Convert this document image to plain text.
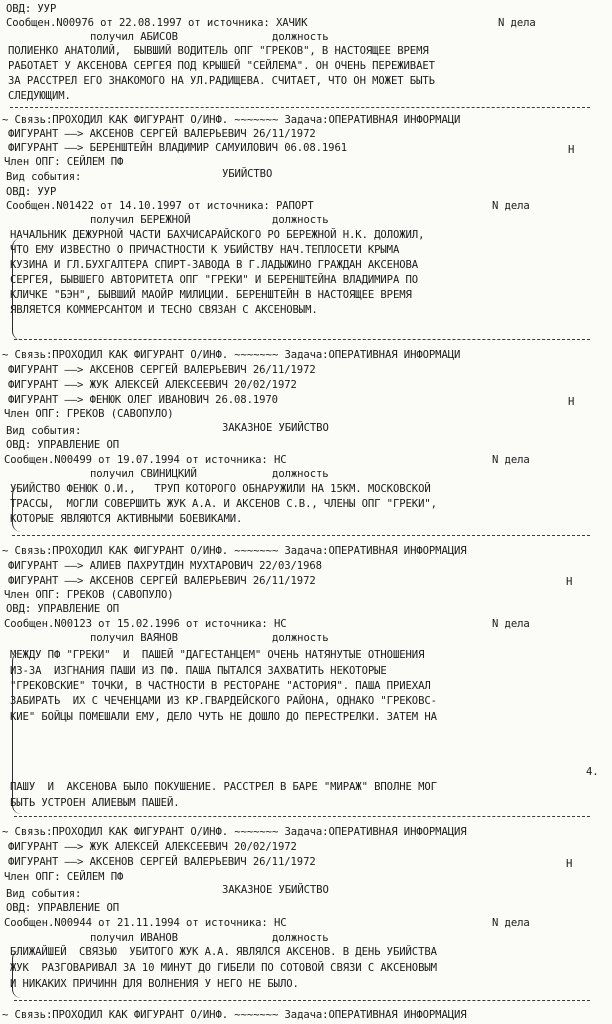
ОВД: УУР
Сообщен.N00976 от 22.08.1997 от источника: ХАЧИК	N дела
получил АБИСОВ               должность
ПОЛИЕНКО АНАТОЛИЙ,  БЫВШИЙ ВОДИТЕЛЬ ОПГ "ГРЕКОВ", В НАСТОЯЩЕЕ ВРЕМЯ
РАБОТАЕТ У АКСЕНОВА СЕРГЕЯ ПОД КРЫШЕЙ "СЕЙЛЕМА". ОН ОЧЕНЬ ПЕРЕЖИВАЕТ
ЗА РАССТРЕЛ ЕГО ЗНАКОМОГО НА УЛ.РАДИЩЕВА. СЧИТАЕТ, ЧТО ОН МОЖЕТ БЫТЬ
СЛЕДУЮЩИМ.
~ Связь:ПРОХОДИЛ КАК ФИГУРАНТ О/ИНФ. ~~~~~~~ Задача:ОПЕРАТИВНАЯ ИНФОРМАЦИ
ФИГУРАНТ ——> АКСЕНОВ СЕРГЕЙ ВАЛЕРЬЕВИЧ 26/11/1972
ФИГУРАНТ ——> БЕРЕНШТЕЙН ВЛАДИМИР САМУИЛОВИЧ 06.08.1961	Н
Член ОПГ: СЕЙЛЕМ ПФ
Вид события:	УБИЙСТВО
ОВД: УУР
Сообщен.N01422 от 14.10.1997 от источника: РАПОРТ	N дела
получил БЕРЕЖНОЙ             должность
НАЧАЛЬНИК ДЕЖУРНОЙ ЧАСТИ БАХЧИСАРАЙСКОГО РО БЕРЕЖНОЙ Н.К. ДОЛОЖИЛ,
ЧТО ЕМУ ИЗВЕСТНО О ПРИЧАСТНОСТИ К УБИЙСТВУ НАЧ.ТЕПЛОСЕТИ КРЫМА
КУЗИНА И ГЛ.БУХГАЛТЕРА СПИРТ-ЗАВОДА В Г.ЛАДЫЖИНО ГРАЖДАН АКСЕНОВА
СЕРГЕЯ, БЫВШЕГО АВТОРИТЕТА ОПГ "ГРЕКИ" И БЕРЕНШТЕЙНА ВЛАДИМИРА ПО
КЛИЧКЕ "БЭН", БЫВШИЙ МАОЙР МИЛИЦИИ. БЕРЕНШТЕЙН В НАСТОЯЩЕЕ ВРЕМЯ
ЯВЛЯЕТСЯ КОММЕРСАНТОМ И ТЕСНО СВЯЗАН С АКСЕНОВЫМ.
~ Связь:ПРОХОДИЛ КАК ФИГУРАНТ О/ИНФ. ~~~~~~~ Задача:ОПЕРАТИВНАЯ ИНФОРМАЦИ
ФИГУРАНТ ——> АКСЕНОВ СЕРГЕЙ ВАЛЕРЬЕВИЧ 26/11/1972
ФИГУРАНТ ——> ЖУК АЛЕКСЕЙ АЛЕКСЕЕВИЧ 20/02/1972
ФИГУРАНТ ——> ФЕНЮК ОЛЕГ ИВАНОВИЧ 26.08.1970	Н
Член ОПГ: ГРЕКОВ (САВОПУЛО)
Вид события:	ЗАКАЗНОЕ УБИЙСТВО
ОВД: УПРАВЛЕНИЕ ОП
Сообщен.N00499 от 19.07.1994 от источника: НС	N дела
получил СВИНИЦКИЙ            должность
УБИЙСТВО ФЕНЮК О.И.,   ТРУП КОТОРОГО ОБНАРУЖИЛИ НА 15КМ. МОСКОВСКОЙ
ТРАССЫ,  МОГЛИ СОВЕРШИТЬ ЖУК А.А. И АКСЕНОВ С.В., ЧЛЕНЫ ОПГ "ГРЕКИ",
КОТОРЫЕ ЯВЛЯЮТСЯ АКТИВНЫМИ БОЕВИКАМИ.
~ Связь:ПРОХОДИЛ КАК ФИГУРАНТ О/ИНФ. ~~~~~~~ Задача:ОПЕРАТИВНАЯ ИНФОРМАЦИЯ
ФИГУРАНТ ——> АЛИЕВ ПАХРУТДИН МУХТАРОВИЧ 22/03/1968
ФИГУРАНТ ——> АКСЕНОВ СЕРГЕЙ ВАЛЕРЬЕВИЧ 26/11/1972	Н
Член ОПГ: ГРЕКОВ (САВОПУЛО)
ОВД: УПРАВЛЕНИЕ ОП
Сообщен.N00123 от 15.02.1996 от источника: НС	N дела
получил ВАЯНОВ               должность
МЕЖДУ ПФ "ГРЕКИ"  И  ПАШЕЙ "ДАГЕСТАНЦЕМ" ОЧЕНЬ НАТЯНУТЫЕ ОТНОШЕНИЯ
ИЗ-ЗА  ИЗГНАНИЯ ПАШИ ИЗ ПФ. ПАША ПЫТАЛСЯ ЗАХВАТИТЬ НЕКОТОРЫЕ
"ГРЕКОВСКИЕ" ТОЧКИ, В ЧАСТНОСТИ В РЕСТОРАНЕ "АСТОРИЯ". ПАША ПРИЕХАЛ
ЗАБИРАТЬ  ИХ С ЧЕЧЕНЦАМИ ИЗ КР.ГВАРДЕЙСКОГО РАЙОНА, ОДНАКО "ГРЕКОВС-
КИЕ" БОЙЦЫ ПОМЕШАЛИ ЕМУ, ДЕЛО ЧУТЬ НЕ ДОШЛО ДО ПЕРЕСТРЕЛКИ. ЗАТЕМ НА
4.
ПАШУ  И  АКСЕНОВА БЫЛО ПОКУШЕНИЕ. РАССТРЕЛ В БАРЕ "МИРАЖ" ВПОЛНЕ МОГ
БЫТЬ УСТРОЕН АЛИЕВЫМ ПАШЕЙ.
~ Связь:ПРОХОДИЛ КАК ФИГУРАНТ О/ИНФ. ~~~~~~~ Задача:ОПЕРАТИВНАЯ ИНФОРМАЦИЯ
ФИГУРАНТ ——> ЖУК АЛЕКСЕЙ АЛЕКСЕЕВИЧ 20/02/1972
ФИГУРАНТ ——> АКСЕНОВ СЕРГЕЙ ВАЛЕРЬЕВИЧ 26/11/1972	Н
Член ОПГ: СЕЙЛЕМ ПФ
Вид события:	ЗАКАЗНОЕ УБИЙСТВО
ОВД: УПРАВЛЕНИЕ ОП
Сообщен.N00944 от 21.11.1994 от источника: НС	N дела
получил ИВАНОВ               должность
БЛИЖАЙШЕЙ  СВЯЗЬЮ  УБИТОГО ЖУК А.А. ЯВЛЯЛСЯ АКСЕНОВ. В ДЕНЬ УБИЙСТВА
ЖУК  РАЗГОВАРИВАЛ ЗА 10 МИНУТ ДО ГИБЕЛИ ПО СОТОВОЙ СВЯЗИ С АКСЕНОВЫМ
И НИКАКИХ ПРИЧИНН ДЛЯ ВОЛНЕНИЯ У НЕГО НЕ БЫЛО.
~ Связь:ПРОХОДИЛ КАК ФИГУРАНТ О/ИНФ. ~~~~~~~ Задача:ОПЕРАТИВНАЯ ИНФОРМАЦИЯ
